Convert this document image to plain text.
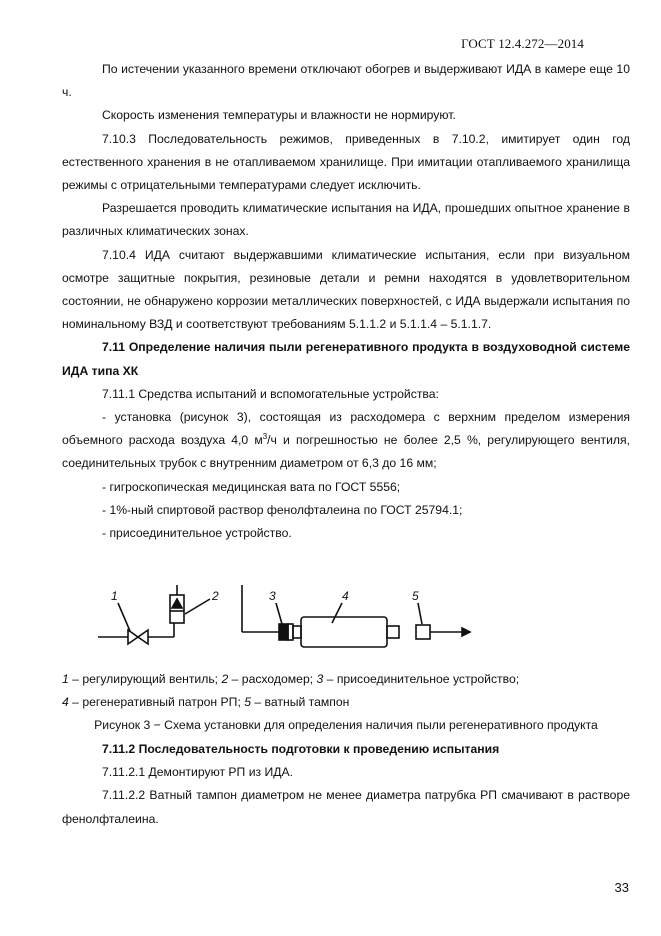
ГОСТ 12.4.272—2014

По истечении указанного времени отключают обогрев и выдерживают ИДА в камере еще 10 ч.

Скорость изменения температуры и влажности не нормируют.

7.10.3 Последовательность режимов, приведенных в 7.10.2, имитирует один год естественного хранения в не отапливаемом хранилище. При имитации отапливаемого хранилища режимы с отрицательными температурами следует исключить.

Разрешается проводить климатические испытания на ИДА, прошедших опытное хранение в различных климатических зонах.

7.10.4 ИДА считают выдержавшими климатические испытания, если при визуальном осмотре защитные покрытия, резиновые детали и ремни находятся в удовлетворительном состоянии, не обнаружено коррозии металлических поверхностей, с ИДА выдержали испытания по номинальному ВЗД и соответствуют требованиям 5.1.1.2 и 5.1.1.4 – 5.1.1.7.

7.11 Определение наличия пыли регенеративного продукта в воздуховодной системе ИДА типа ХК

7.11.1 Средства испытаний и вспомогательные устройства:

- установка (рисунок 3), состоящая из расходомера с верхним пределом измерения объемного расхода воздуха 4,0 $м^3/ч$ и погрешностью не более 2,5 %, регулирующего вентиля, соединительных трубок с внутренним диаметром от 6,3 до 16 мм;

- гигроскопическая медицинская вата по ГОСТ 5556;

- 1%-ный спиртовой раствор фенолфталеина по ГОСТ 25794.1;

- присоединительное устройство.

1	2	3	4	5

1 – регулирующий вентиль; 2 – расходомер; 3 – присоединительное устройство;

4 – регенеративный патрон РП; 5 – ватный тампон

Рисунок 3 − Схема установки для определения наличия пыли регенеративного продукта

7.11.2 Последовательность подготовки к проведению испытания

7.11.2.1 Демонтируют РП из ИДА.

7.11.2.2 Ватный тампон диаметром не менее диаметра патрубка РП смачивают в растворе фенолфталеина.

33
